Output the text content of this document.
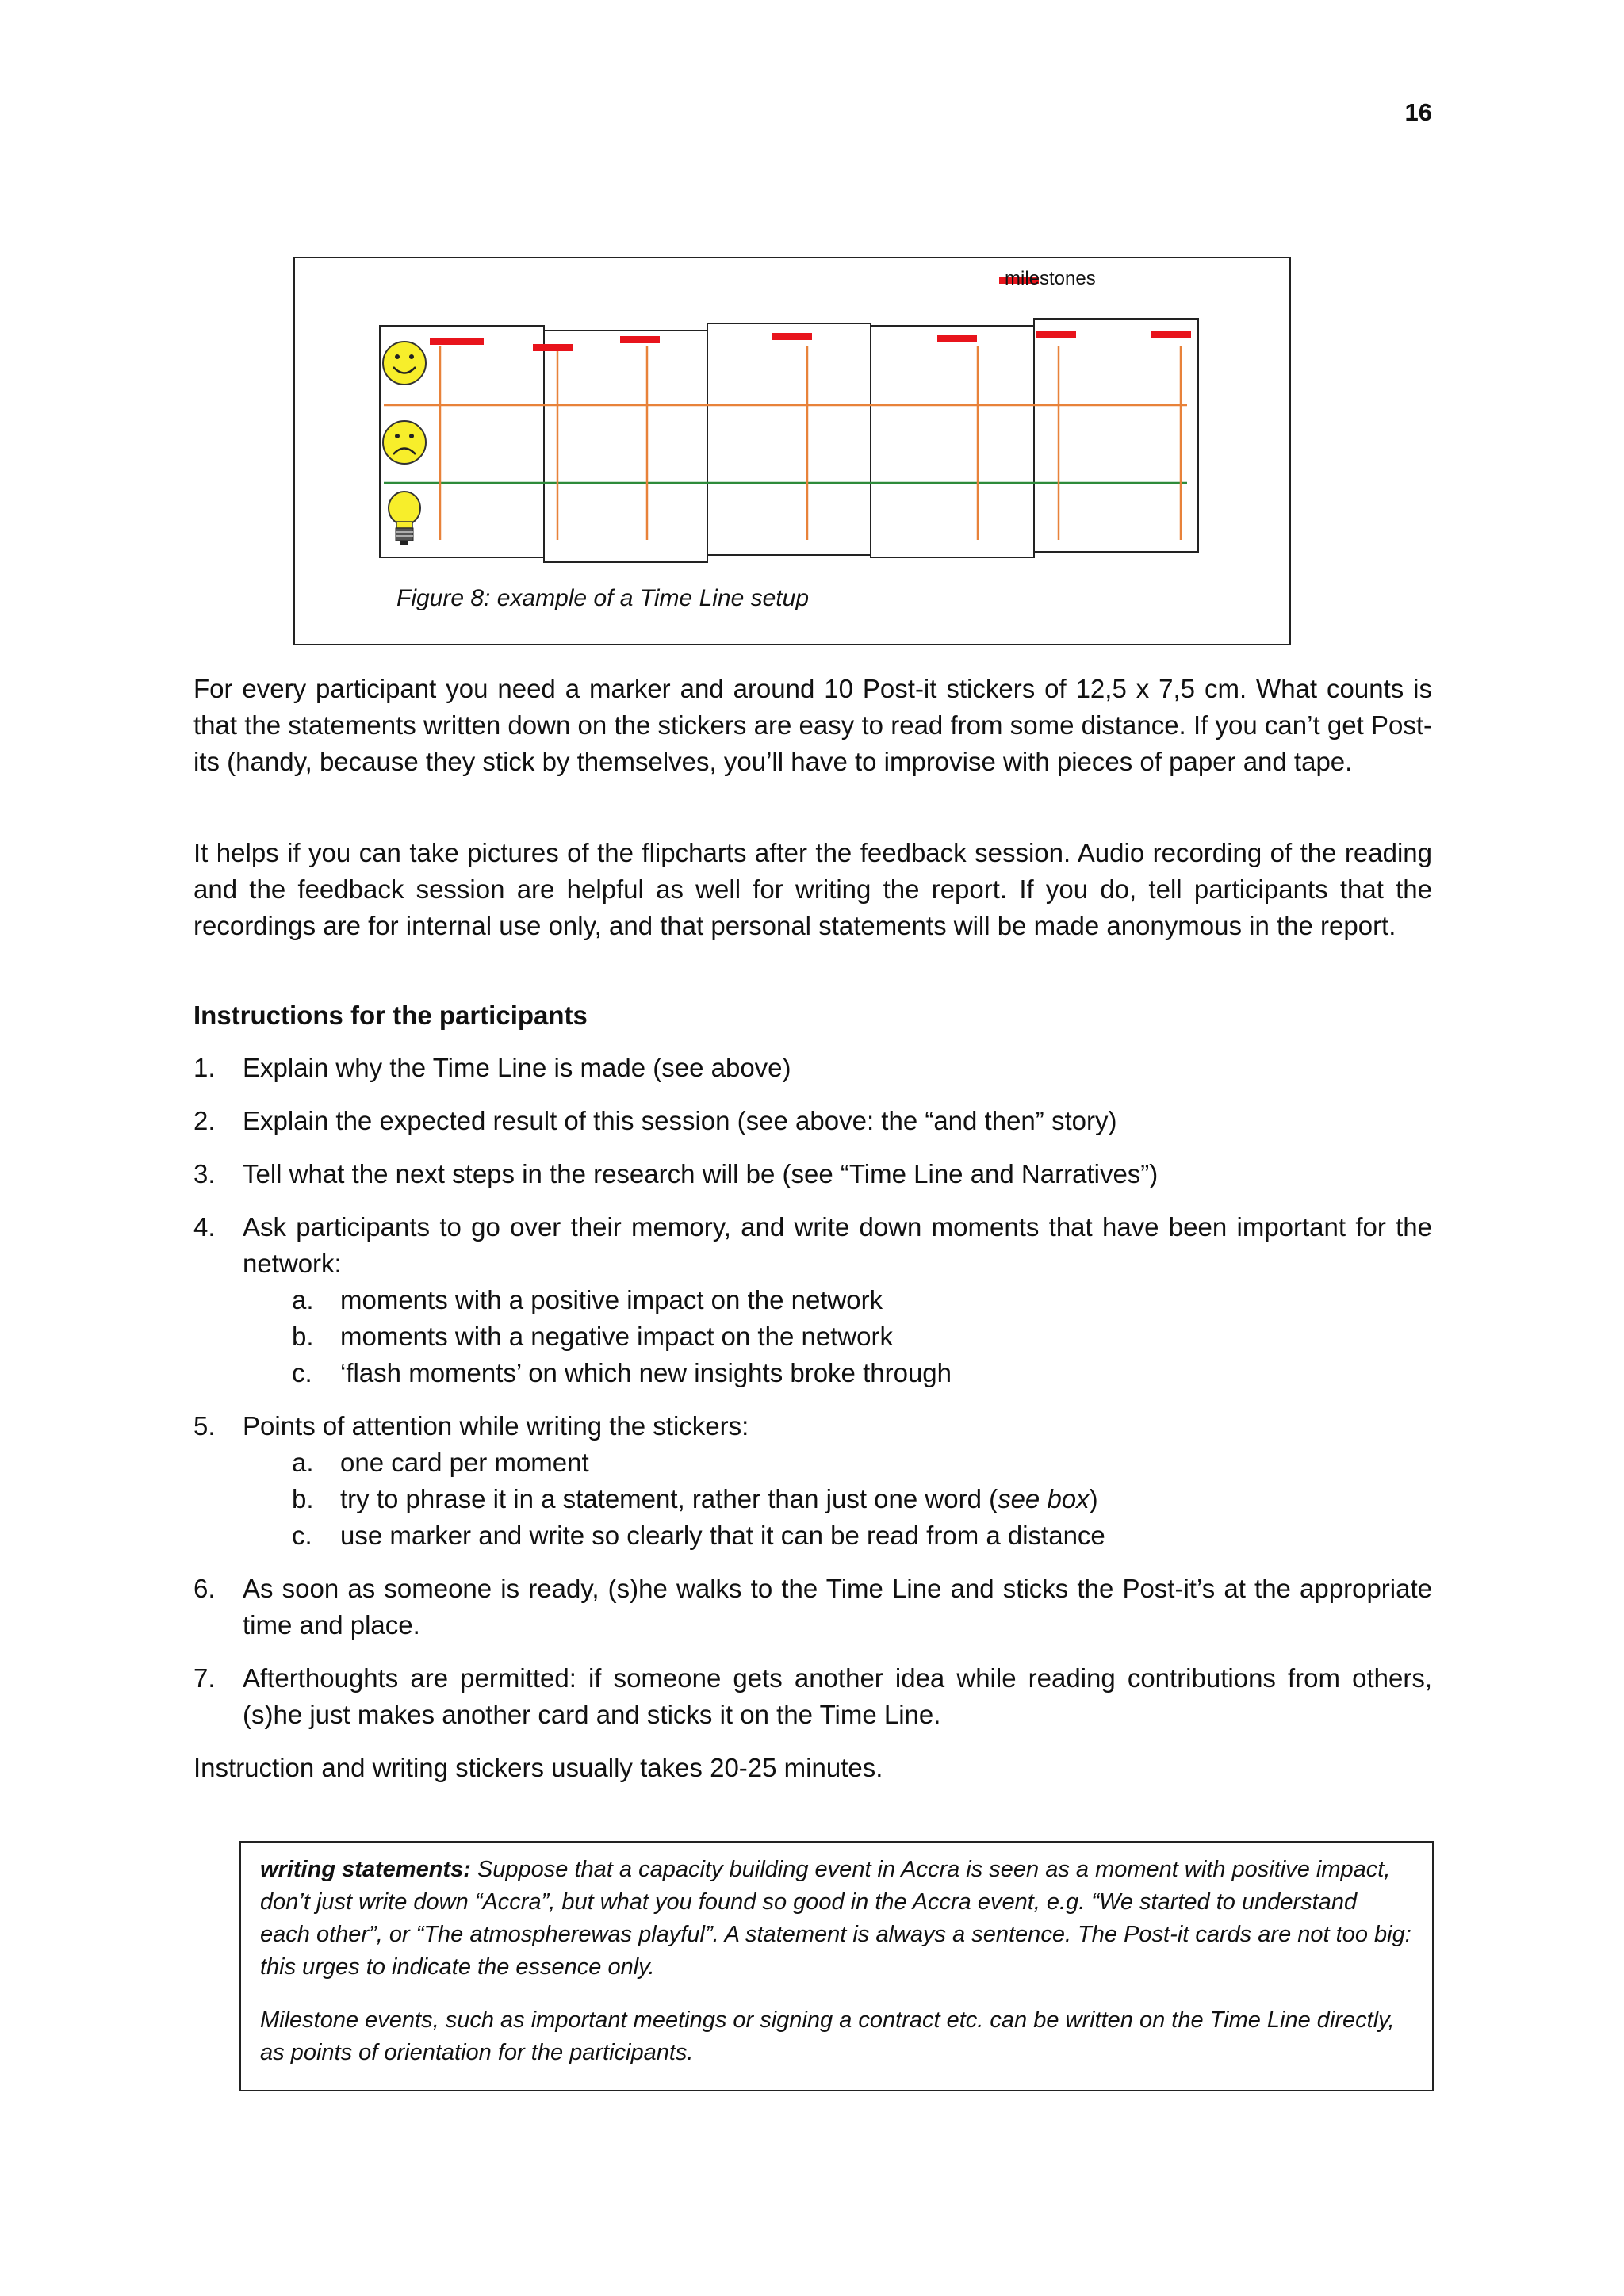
16
milestones
Figure 8: example of a Time Line setup

For every participant you need a marker and around 10 Post-it stickers of 12,5 x 7,5 cm. What counts is that the statements written down on the stickers are easy to read from some distance. If you can’t get Post-its (handy, because they stick by themselves, you’ll have to improvise with pieces of paper and tape.

It helps if you can take pictures of the flipcharts after the feedback session. Audio recording of the reading and the feedback session are helpful as well for writing the report. If you do, tell participants that the recordings are for internal use only, and that personal statements will be made anonymous in the report.

Instructions for the participants
1.	Explain why the Time Line is made (see above)
2.	Explain the expected result of this session (see above: the “and then” story)
3.	Tell what the next steps in the research will be (see “Time Line and Narratives”)
4.	Ask participants to go over their memory, and write down moments that have been important for the network:
a.	moments with a positive impact on the network
b.	moments with a negative impact on the network
c.	‘flash moments’ on which new insights broke through
5.	Points of attention while writing the stickers:
a.	one card per moment
b.	try to phrase it in a statement, rather than just one word (see box)
c.	use marker and write so clearly that it can be read from a distance
6.	As soon as someone is ready, (s)he walks to the Time Line and sticks the Post-it’s at the appropriate time and place.
7.	Afterthoughts are permitted: if someone gets another idea while reading contributions from others, (s)he just makes another card and sticks it on the Time Line.
Instruction and writing stickers usually takes 20-25 minutes.

writing statements: Suppose that a capacity building event in Accra is seen as a moment with positive impact, don’t just write down “Accra”, but what you found so good in the Accra event, e.g. “We started to understand each other”, or “The atmospherewas playful”. A statement is always a sentence. The Post-it cards are not too big: this urges to indicate the essence only.

Milestone events, such as important meetings or signing a contract etc. can be written on the Time Line directly, as points of orientation for the participants.
